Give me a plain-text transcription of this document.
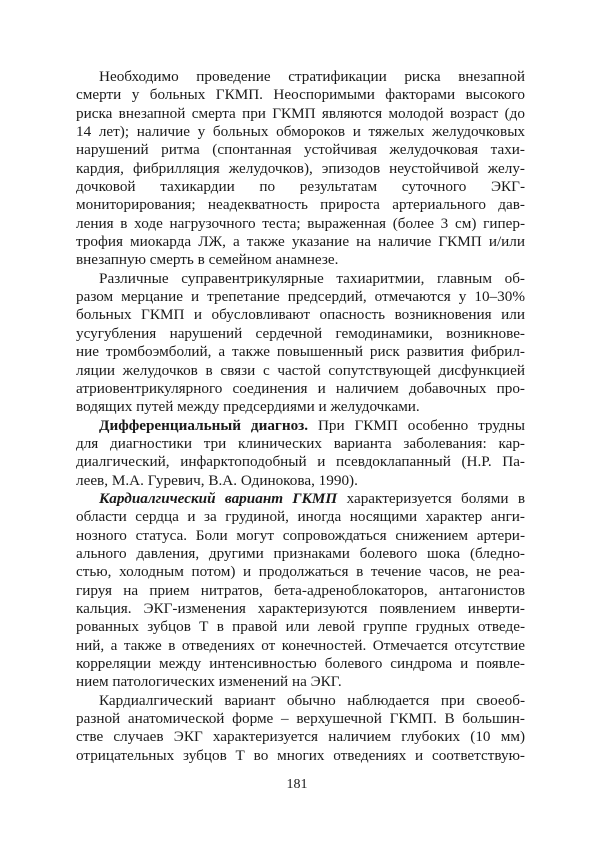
Необходимо проведение стратификации риска внезапной
смерти у больных ГКМП. Неоспоримыми факторами высокого
риска внезапной смерта при ГКМП являются молодой возраст (до
14 лет); наличие у больных обмороков и тяжелых желудочковых
нарушений ритма (спонтанная устойчивая желудочковая тахи-
кардия, фибрилляция желудочков), эпизодов неустойчивой желу-
дочковой тахикардии по результатам суточного ЭКГ-
мониторирования; неадекватность прироста артериального дав-
ления в ходе нагрузочного теста; выраженная (более 3 см) гипер-
трофия миокарда ЛЖ, а также указание на наличие ГКМП и/или
внезапную смерть в семейном анамнезе.
Различные суправентрикулярные тахиаритмии, главным об-
разом мерцание и трепетание предсердий, отмечаются у 10–30%
больных ГКМП и обусловливают опасность возникновения или
усугубления нарушений сердечной гемодинамики, возникнове-
ние тромбоэмболий, а также повышенный риск развития фибрил-
ляции желудочков в связи с частой сопутствующей дисфункцией
атриовентрикулярного соединения и наличием добавочных про-
водящих путей между предсердиями и желудочками.
Дифференциальный диагноз. При ГКМП особенно трудны
для диагностики три клинических варианта заболевания: кар-
диалгический, инфарктоподобный и псевдоклапанный (Н.Р. Па-
леев, М.А. Гуревич, В.А. Одинокова, 1990).
Кардиалгический вариант ГКМП характеризуется болями в
области сердца и за грудиной, иногда носящими характер анги-
нозного статуса. Боли могут сопровождаться снижением артери-
ального давления, другими признаками болевого шока (бледно-
стью, холодным потом) и продолжаться в течение часов, не реа-
гируя на прием нитратов, бета-адреноблокаторов, антагонистов
кальция. ЭКГ-изменения характеризуются появлением инверти-
рованных зубцов Т в правой или левой группе грудных отведе-
ний, а также в отведениях от конечностей. Отмечается отсутствие
корреляции между интенсивностью болевого синдрома и появле-
нием патологических изменений на ЭКГ.
Кардиалгический вариант обычно наблюдается при своеоб-
разной анатомической форме – верхушечной ГКМП. В большин-
стве случаев ЭКГ характеризуется наличием глубоких (10 мм)
отрицательных зубцов Т во многих отведениях и соответствую-
181
